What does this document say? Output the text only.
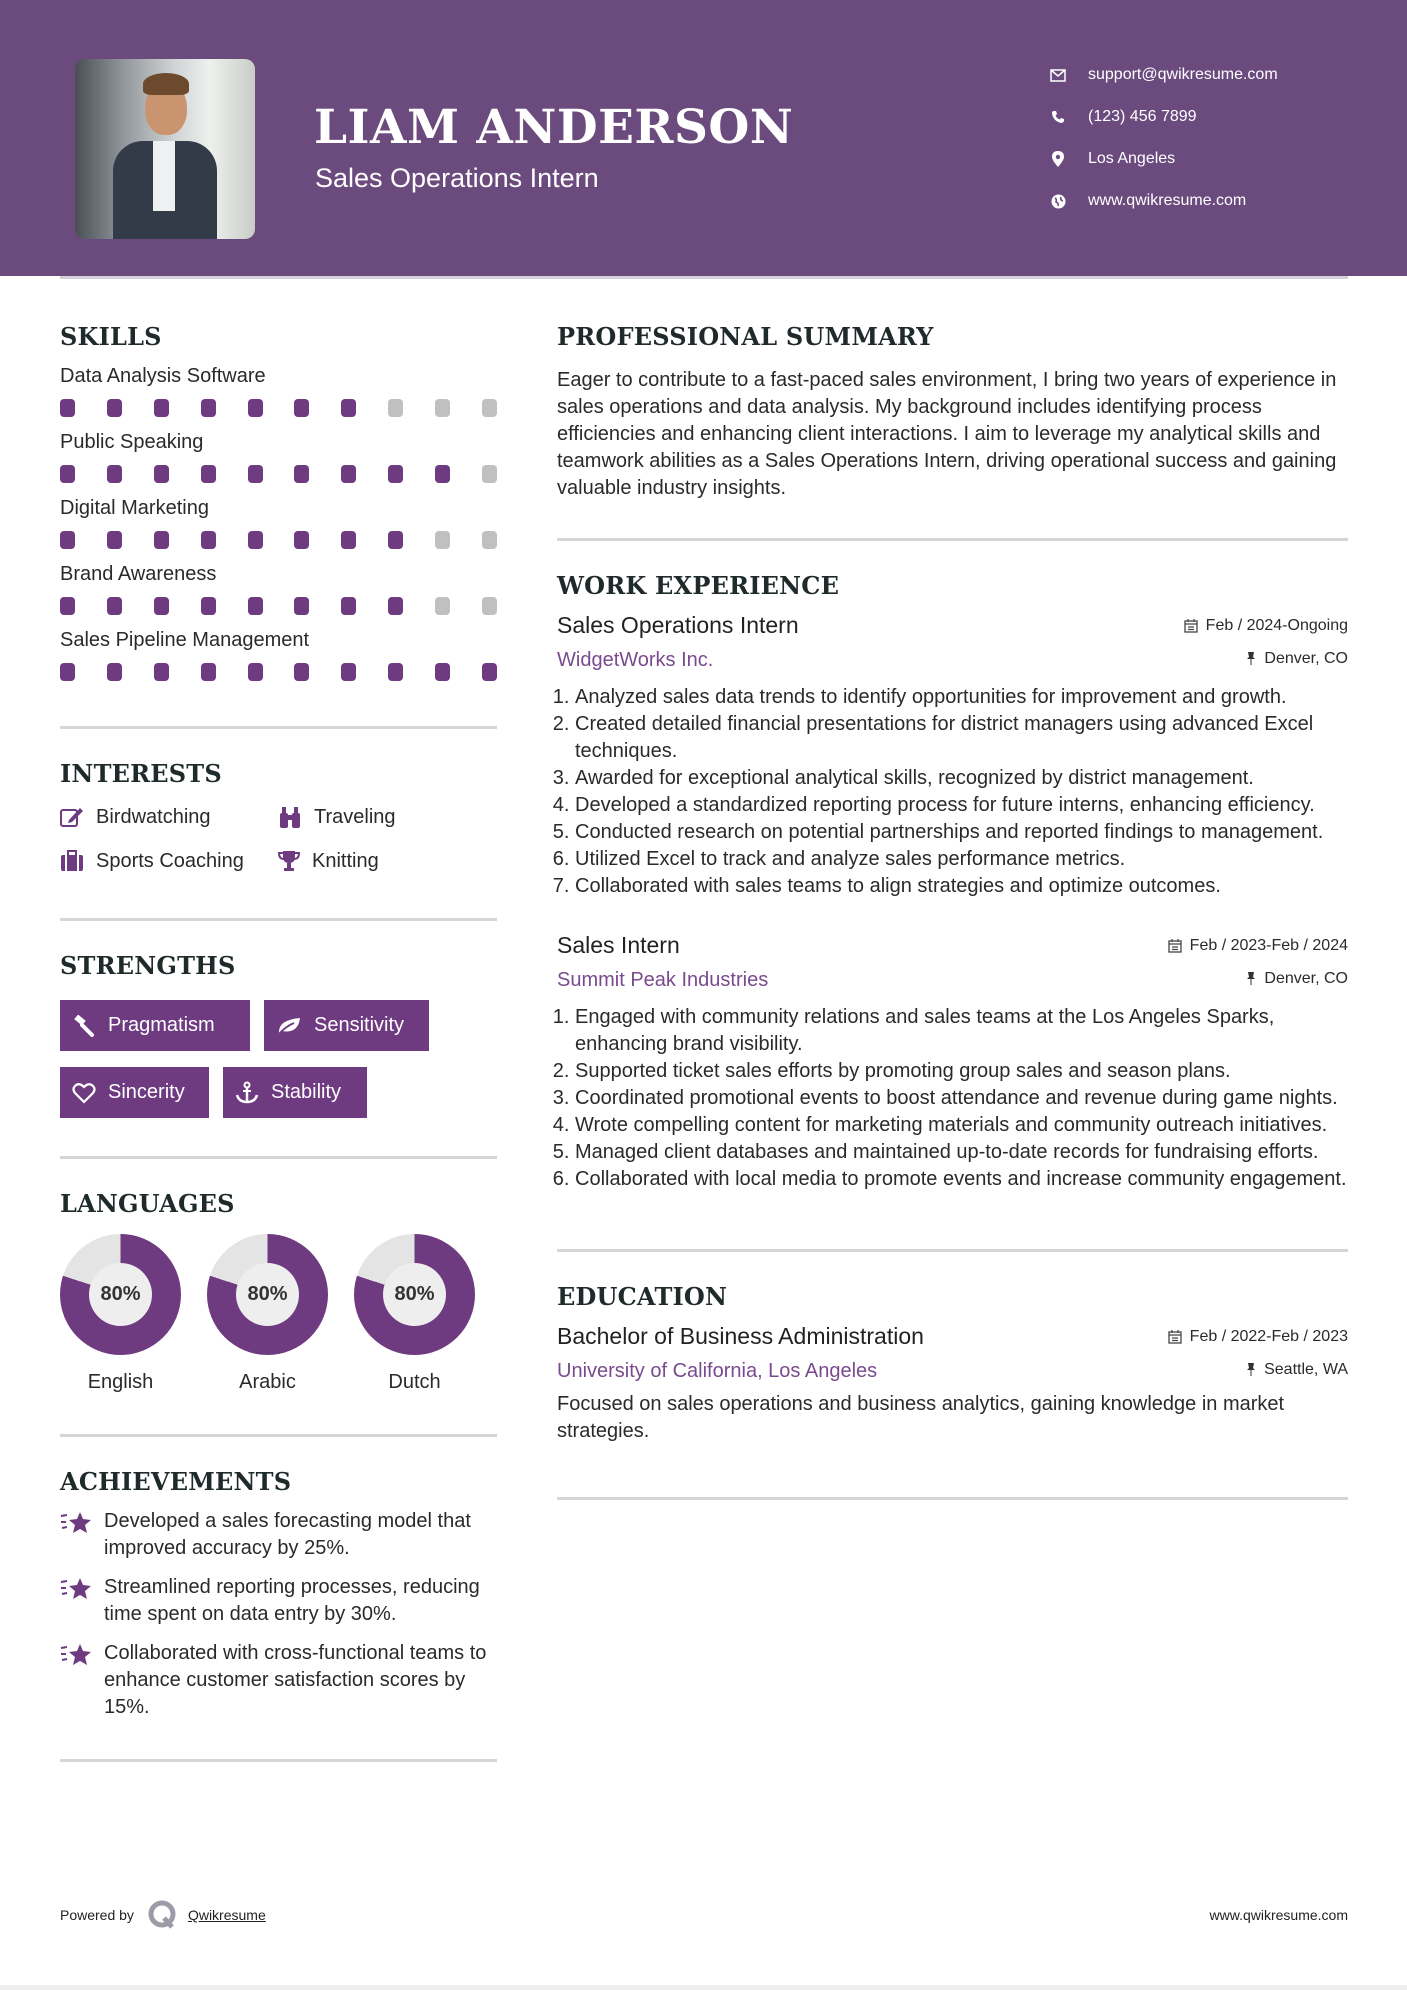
LIAM ANDERSON
Sales Operations Intern
support@qwikresume.com
(123) 456 7899
Los Angeles
www.qwikresume.com
SKILLS
Data Analysis Software
Public Speaking
Digital Marketing
Brand Awareness
Sales Pipeline Management
INTERESTS
Birdwatching	Traveling
Sports Coaching	Knitting
STRENGTHS
Pragmatism	Sensitivity
Sincerity	Stability
LANGUAGES
80%
English
80%
Arabic
80%
Dutch
ACHIEVEMENTS
Developed a sales forecasting model that improved accuracy by 25%.
Streamlined reporting processes, reducing time spent on data entry by 30%.
Collaborated with cross-functional teams to enhance customer satisfaction scores by 15%.
PROFESSIONAL SUMMARY
Eager to contribute to a fast-paced sales environment, I bring two years of experience in sales operations and data analysis. My background includes identifying process efficiencies and enhancing client interactions. I aim to leverage my analytical skills and teamwork abilities as a Sales Operations Intern, driving operational success and gaining valuable industry insights.
WORK EXPERIENCE
Sales Operations Intern	Feb / 2024-Ongoing
WidgetWorks Inc.	Denver, CO
1. Analyzed sales data trends to identify opportunities for improvement and growth.
2. Created detailed financial presentations for district managers using advanced Excel techniques.
3. Awarded for exceptional analytical skills, recognized by district management.
4. Developed a standardized reporting process for future interns, enhancing efficiency.
5. Conducted research on potential partnerships and reported findings to management.
6. Utilized Excel to track and analyze sales performance metrics.
7. Collaborated with sales teams to align strategies and optimize outcomes.
Sales Intern	Feb / 2023-Feb / 2024
Summit Peak Industries	Denver, CO
1. Engaged with community relations and sales teams at the Los Angeles Sparks, enhancing brand visibility.
2. Supported ticket sales efforts by promoting group sales and season plans.
3. Coordinated promotional events to boost attendance and revenue during game nights.
4. Wrote compelling content for marketing materials and community outreach initiatives.
5. Managed client databases and maintained up-to-date records for fundraising efforts.
6. Collaborated with local media to promote events and increase community engagement.
EDUCATION
Bachelor of Business Administration	Feb / 2022-Feb / 2023
University of California, Los Angeles	Seattle, WA
Focused on sales operations and business analytics, gaining knowledge in market strategies.
Powered by	Qwikresume	www.qwikresume.com
